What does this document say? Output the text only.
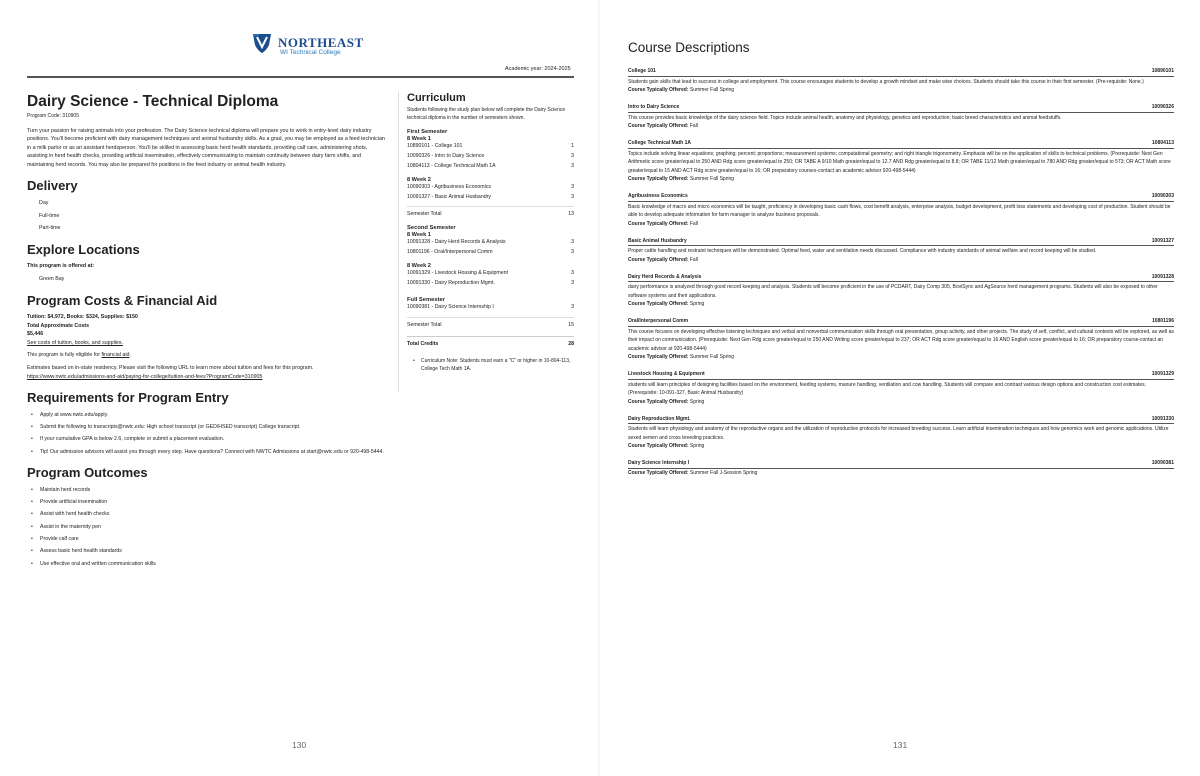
NORTHEAST
WI Technical College
Academic year: 2024-2025
Dairy Science - Technical Diploma
Program Code: 310905

Turn your passion for raising animals into your profession. The Dairy Science technical diploma will prepare you to work in entry-level dairy industry positions. You'll become proficient with dairy management techniques and animal husbandry skills. As a grad, you may be employed as a feed technician in a milk parlor or as an assistant herdsperson. You'll be skilled in assessing basic herd health standards, providing calf care, administering shots, assisting in herd health checks, providing artificial insemination, effectively communicating to maintain continuity between dairy farm shifts, and maintaining herd records. You may also be prepared for positions in the feed industry or animal health industry.

Delivery

Day

Full-time

Part-time

Explore Locations

This program is offered at:

Green Bay

Program Costs & Financial Aid

Tuition: $4,972, Books: $324, Supplies: $150

Total Approximate Costs

$5,446

See costs of tuition, books, and supplies.

This program is fully eligible for financial aid.

Estimates based on in-state residency. Please visit the following URL to learn more about tuition and fees for this program.

https://www.nwtc.edu/admissions-and-aid/paying-for-college/tuition-and-fees?ProgramCode=310905

Requirements for Program Entry
• Apply at www.nwtc.edu/apply.
• Submit the following to transcripts@nwtc.edu: High school transcript (or GED/HSED transcript) College transcript.
• If your cumulative GPA is below 2.6, complete or submit a placement evaluation.
• Tip! Our admission advisors will assist you through every step. Have questions? Connect with NWTC Admissions at start@nwtc.edu or 920-498-5444.
Program Outcomes
• Maintain herd records
• Provide artificial insemination
• Assist with herd health checks
• Assist in the maternity pen
• Provide calf care
• Assess basic herd health standards
• Use effective oral and written communication skills
Curriculum
Students following the study plan below will complete the Dairy Science technical diploma in the number of semesters shown.
First Semester
8 Week 1
10890101 - College 101	1
10090326 - Intro to Dairy Science	3
10804113 - College Technical Math 1A	3
8 Week 2
10090303 - Agribusiness Economics	3
10091327 - Basic Animal Husbandry	3
Semester Total	13
Second Semester
8 Week 1
10091328 - Dairy Herd Records & Analysis	3
10801196 - Oral/Interpersonal Comm	3
8 Week 2
10091329 - Livestock Housing & Equipment	3
10091330 - Dairy Reproduction Mgmt.	3
Full Semester
10090381 - Dairy Science Internship I	3
Semester Total	15
Total Credits	28
• Curriculum Note: Students must earn a "C" or higher in 10-804-113, College Tech Math 1A.
130
Course Descriptions
College 101	10890101
Students gain skills that lead to success in college and employment. This course encourages students to develop a growth mindset and make wise choices. Students should take this course in their first semester. (Pre-requisite: None.)
Course Typically Offered: Summer Fall Spring
Intro to Dairy Science	10090326
This course provides basic knowledge of the dairy science field. Topics include animal health, anatomy and physiology, genetics and reproduction; basic breed characteristics and animal feedstuffs.
Course Typically Offered: Fall
College Technical Math 1A	10804113
Topics include solving linear equations; graphing; percent; proportions; measurement systems; computational geometry; and right triangle trigonometry. Emphasis will be on the application of skills to technical problems. (Prerequisite: Next Gen Arithmetic score greater/equal to 250 AND Rdg score greater/equal to 250; OR TABE A 9/10 Math greater/equal to 12.7 AND Rdg greater/equal to 8.8; OR TABE 11/12 Math greater/equal to 780 AND Rdg greater/equal to 573; OR ACT Math score greater/equal to 15 AND ACT Rdg score greater/equal to 16; OR preparatory courses-contact an academic advisor 920-498-5444)
Course Typically Offered: Summer Fall Spring
Agribusiness Economics	10090303
Basic knowledge of macro and micro economics will be taught, proficiency in developing basic cash flows, cost benefit analysis, enterprise analysis, budget development, profit loss statements and developing cost of production. Student should be able to develop adequate information for farm manager to analyze business proposals.
Course Typically Offered: Fall
Basic Animal Husbandry	10091327
Proper cattle handling and restraint techniques will be demonstrated. Optimal feed, water and ventilation needs discussed. Compliance with industry standards of animal welfare and record keeping will be studied.
Course Typically Offered: Fall
Dairy Herd Records & Analysis	10091328
dairy performance is analyzed through good record keeping and analysis. Students will become proficient in the use of PCDART, Dairy Comp 305, BoviSync and AgSource herd management programs. Students will also be exposed to other software systems and their applications.
Course Typically Offered: Spring
Oral/Interpersonal Comm	10801196
This course focuses on developing effective listening techniques and verbal and nonverbal communication skills through oral presentation, group activity, and other projects. The study of self, conflict, and cultural contexts will be explored, as well as their impact on communication. (Prerequisite: Next Gen Rdg score greater/equal to 250 AND Writing score greater/equal to 237; OR ACT Rdg score greater/equal to 16 AND English score greater/equal to 16; OR preparatory course-contact an academic advisor at 920-498-5444)
Course Typically Offered: Summer Fall Spring
Livestock Housing & Equipment	10091329
students will learn principles of designing facilities based on the environment, feeding systems, manure handling, ventilation and cow handling. Students will compare and contrast various design options and construction cost estimates. (Prerequisite: 10-091-327, Basic Animal Husbandry)
Course Typically Offered: Spring
Dairy Reproduction Mgmt.	10091330
Students will learn physiology and anatomy of the reproductive organs and the utilization of reproductive protocols for increased breeding success. Learn artificial insemination techniques and how genomics work and genomic applications. Utilize sexed semen and cross breeding practices.
Course Typically Offered: Spring
Dairy Science Internship I	10090381
Course Typically Offered: Summer Fall J-Session Spring
131
